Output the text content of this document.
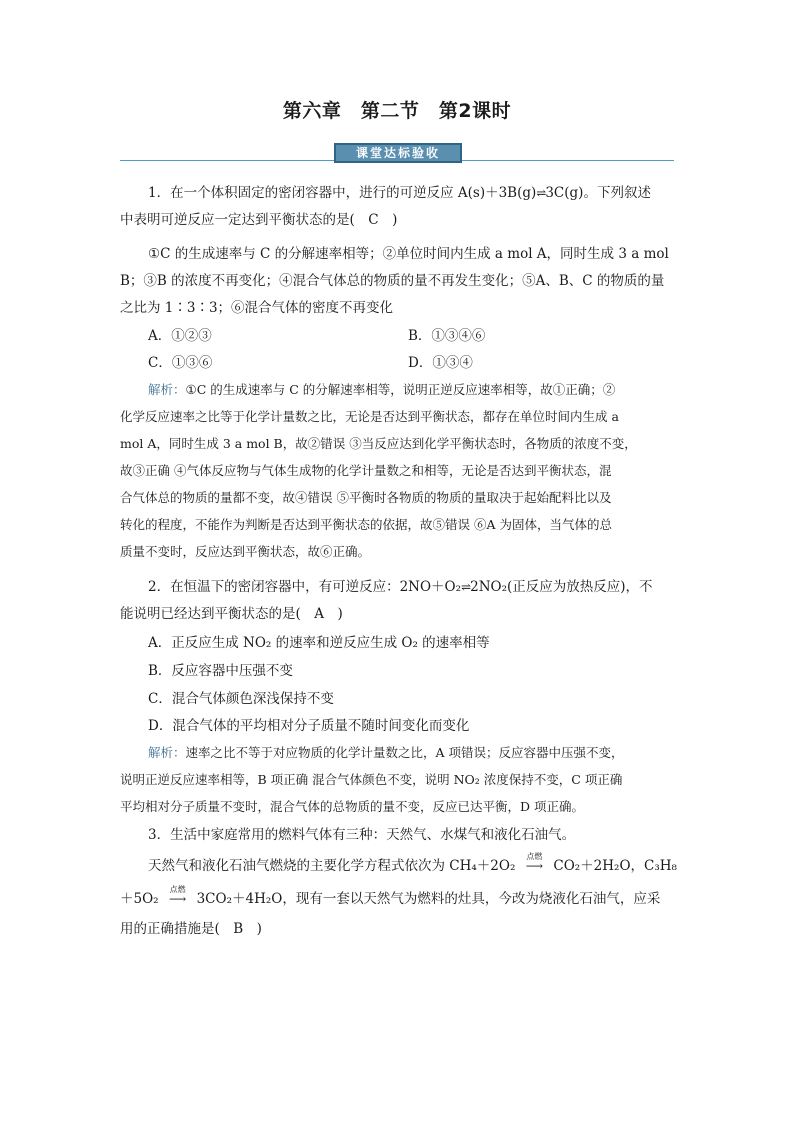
第六章　第二节　第2课时
课堂达标验收
1．在一个体积固定的密闭容器中，进行的可逆反应 A(s)＋3B(g)⇌3C(g)。下列叙述
中表明可逆反应一定达到平衡状态的是(　C　)
①C 的生成速率与 C 的分解速率相等；②单位时间内生成 a mol A，同时生成 3 a mol
B；③B 的浓度不再变化；④混合气体总的物质的量不再发生变化；⑤A、B、C 的物质的量
之比为 1∶3∶3；⑥混合气体的密度不再变化
A．①②③	B．①③④⑥
C．①③⑥	D．①③④
解析：①C 的生成速率与 C 的分解速率相等，说明正逆反应速率相等，故①正确；②
化学反应速率之比等于化学计量数之比，无论是否达到平衡状态，都存在单位时间内生成 a
mol A，同时生成 3 a mol B，故②错误 ③当反应达到化学平衡状态时，各物质的浓度不变，
故③正确 ④气体反应物与气体生成物的化学计量数之和相等，无论是否达到平衡状态，混
合气体总的物质的量都不变，故④错误 ⑤平衡时各物质的物质的量取决于起始配料比以及
转化的程度，不能作为判断是否达到平衡状态的依据，故⑤错误 ⑥A 为固体，当气体的总
质量不变时，反应达到平衡状态，故⑥正确。
2．在恒温下的密闭容器中，有可逆反应：2NO＋O₂⇌2NO₂(正反应为放热反应)，不
能说明已经达到平衡状态的是(　A　)
A．正反应生成 NO₂ 的速率和逆反应生成 O₂ 的速率相等
B．反应容器中压强不变
C．混合气体颜色深浅保持不变
D．混合气体的平均相对分子质量不随时间变化而变化
解析：速率之比不等于对应物质的化学计量数之比，A 项错误；反应容器中压强不变，
说明正逆反应速率相等，B 项正确 混合气体颜色不变，说明 NO₂ 浓度保持不变，C 项正确
平均相对分子质量不变时，混合气体的总物质的量不变，反应已达平衡，D 项正确。
3．生活中家庭常用的燃料气体有三种：天然气、水煤气和液化石油气。
天然气和液化石油气燃烧的主要化学方程式依次为 CH₄＋2O₂
点燃
⟶ CO₂＋2H₂O，C₃H₈
＋5O₂
点燃
⟶ 3CO₂＋4H₂O，现有一套以天然气为燃料的灶具，今改为烧液化石油气，应采
用的正确措施是(　B　)
